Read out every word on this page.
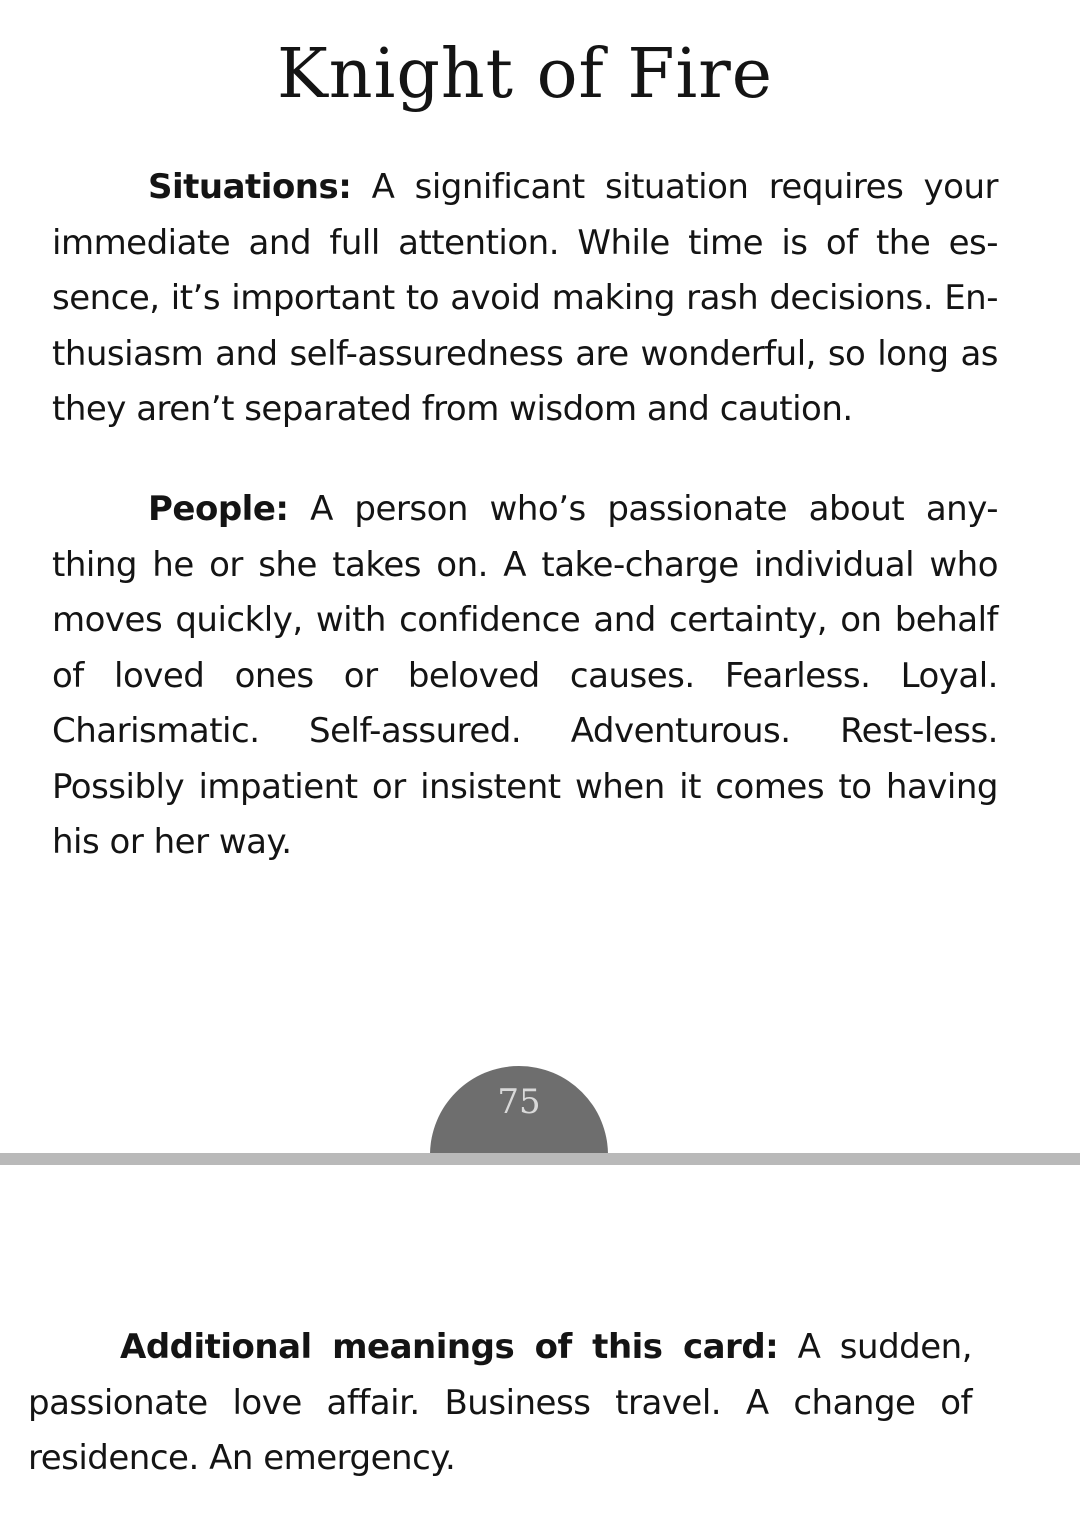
Knight of Fire

Situations: A significant situation requires your immediate and full attention. While time is of the es-sence, it’s important to avoid making rash decisions. En-thusiasm and self-assuredness are wonderful, so long as they aren’t separated from wisdom and caution.

People: A person who’s passionate about any-thing he or she takes on. A take-charge individual who moves quickly, with confidence and certainty, on behalf of loved ones or beloved causes. Fearless. Loyal. Charismatic. Self-assured. Adventurous. Rest-less. Possibly impatient or insistent when it comes to having his or her way.

75

Additional meanings of this card: A sudden, passionate love affair. Business travel. A change of residence. An emergency.
